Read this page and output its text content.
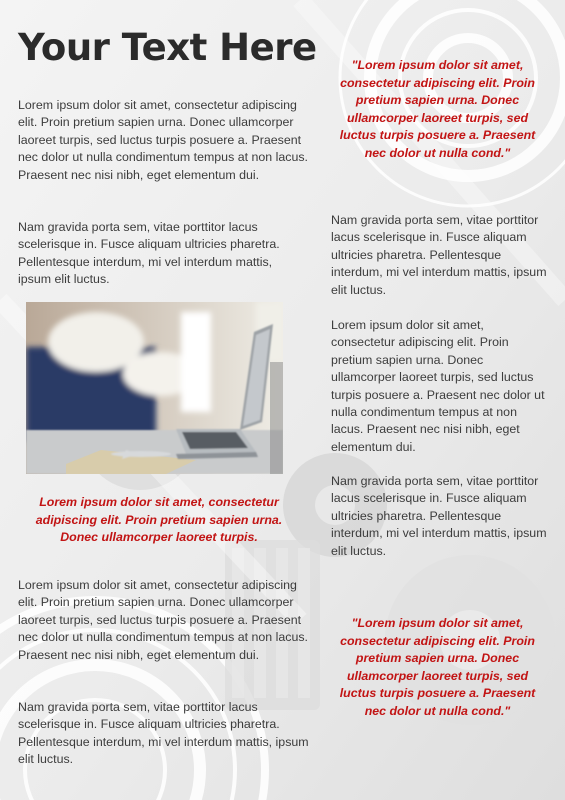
Your Text Here

Lorem ipsum dolor sit amet, consectetur adipiscing elit. Proin pretium sapien urna. Donec ullamcorper laoreet turpis, sed luctus turpis posuere a. Praesent nec dolor ut nulla condimentum tempus at non lacus. Praesent nec nisi nibh, eget elementum dui.

Nam gravida porta sem, vitae porttitor lacus scelerisque in. Fusce aliquam ultricies pharetra. Pellentesque interdum, mi vel interdum mattis, ipsum elit luctus.

Lorem ipsum dolor sit amet, consectetur adipiscing elit. Proin pretium sapien urna. Donec ullamcorper laoreet turpis.

Lorem ipsum dolor sit amet, consectetur adipiscing elit. Proin pretium sapien urna. Donec ullamcorper laoreet turpis, sed luctus turpis posuere a. Praesent nec dolor ut nulla condimentum tempus at non lacus. Praesent nec nisi nibh, eget elementum dui.

Nam gravida porta sem, vitae porttitor lacus scelerisque in. Fusce aliquam ultricies pharetra. Pellentesque interdum, mi vel interdum mattis, ipsum elit luctus.

"Lorem ipsum dolor sit amet, consectetur adipiscing elit. Proin pretium sapien urna. Donec ullamcorper laoreet turpis, sed luctus turpis posuere a. Praesent nec dolor ut nulla cond."

Nam gravida porta sem, vitae porttitor lacus scelerisque in. Fusce aliquam ultricies pharetra. Pellentesque interdum, mi vel interdum mattis, ipsum elit luctus.

Lorem ipsum dolor sit amet, consectetur adipiscing elit. Proin pretium sapien urna. Donec ullamcorper laoreet turpis, sed luctus turpis posuere a. Praesent nec dolor ut nulla condimentum tempus at non lacus. Praesent nec nisi nibh, eget elementum dui.

Nam gravida porta sem, vitae porttitor lacus scelerisque in. Fusce aliquam ultricies pharetra. Pellentesque interdum, mi vel interdum mattis, ipsum elit luctus.

"Lorem ipsum dolor sit amet, consectetur adipiscing elit. Proin pretium sapien urna. Donec ullamcorper laoreet turpis, sed luctus turpis posuere a. Praesent nec dolor ut nulla cond."
